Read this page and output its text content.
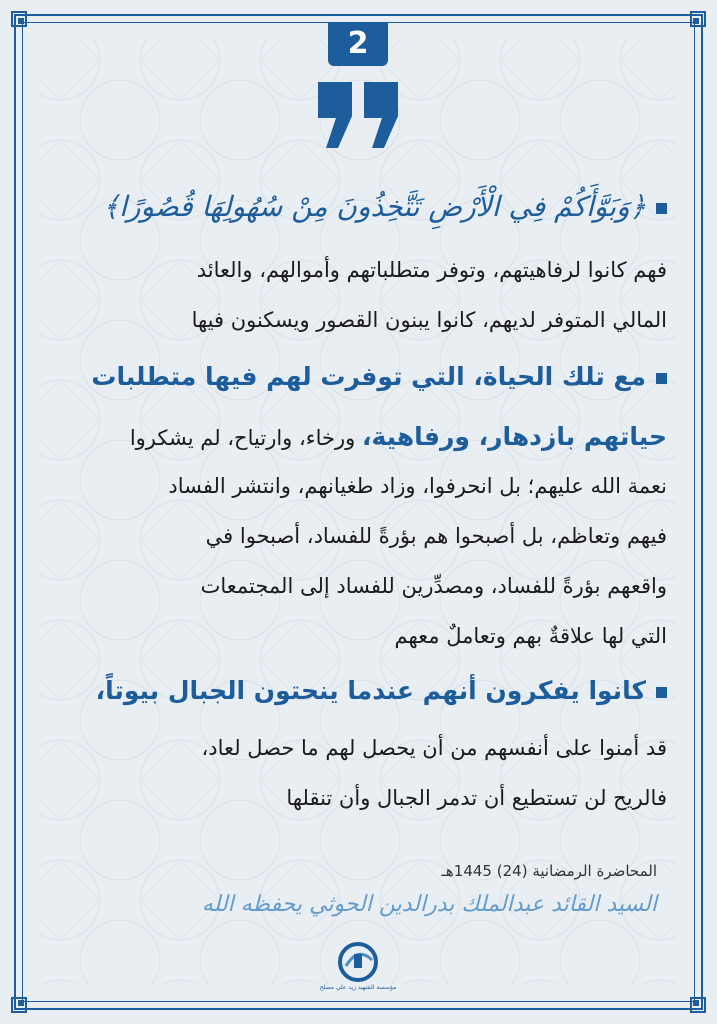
2
﴿وَبَوَّأَكُمْ فِي الْأَرْضِ تَتَّخِذُونَ مِنْ سُهُولِهَا قُصُورًا﴾
فهم كانوا لرفاهيتهم، وتوفر متطلباتهم وأموالهم، والعائد
المالي المتوفر لديهم، كانوا يبنون القصور ويسكنون فيها
مع تلك الحياة، التي توفرت لهم فيها متطلبات
حياتهم بازدهار، ورفاهية، ورخاء، وارتياح، لم يشكروا
نعمة الله عليهم؛ بل انحرفوا، وزاد طغيانهم، وانتشر الفساد
فيهم وتعاظم، بل أصبحوا هم بؤرةً للفساد، أصبحوا في
واقعهم بؤرةً للفساد، ومصدِّرين للفساد إلى المجتمعات
التي لها علاقةٌ بهم وتعاملٌ معهم
كانوا يفكرون أنهم عندما ينحتون الجبال بيوتاً،
قد أمنوا على أنفسهم من أن يحصل لهم ما حصل لعاد،
فالريح لن تستطيع أن تدمر الجبال وأن تنقلها
المحاضرة الرمضانية (24) 1445هـ
السيد القائد عبدالملك بدرالدين الحوثي يحفظه الله
مؤسسة الشهيد زيد علي مصلح
